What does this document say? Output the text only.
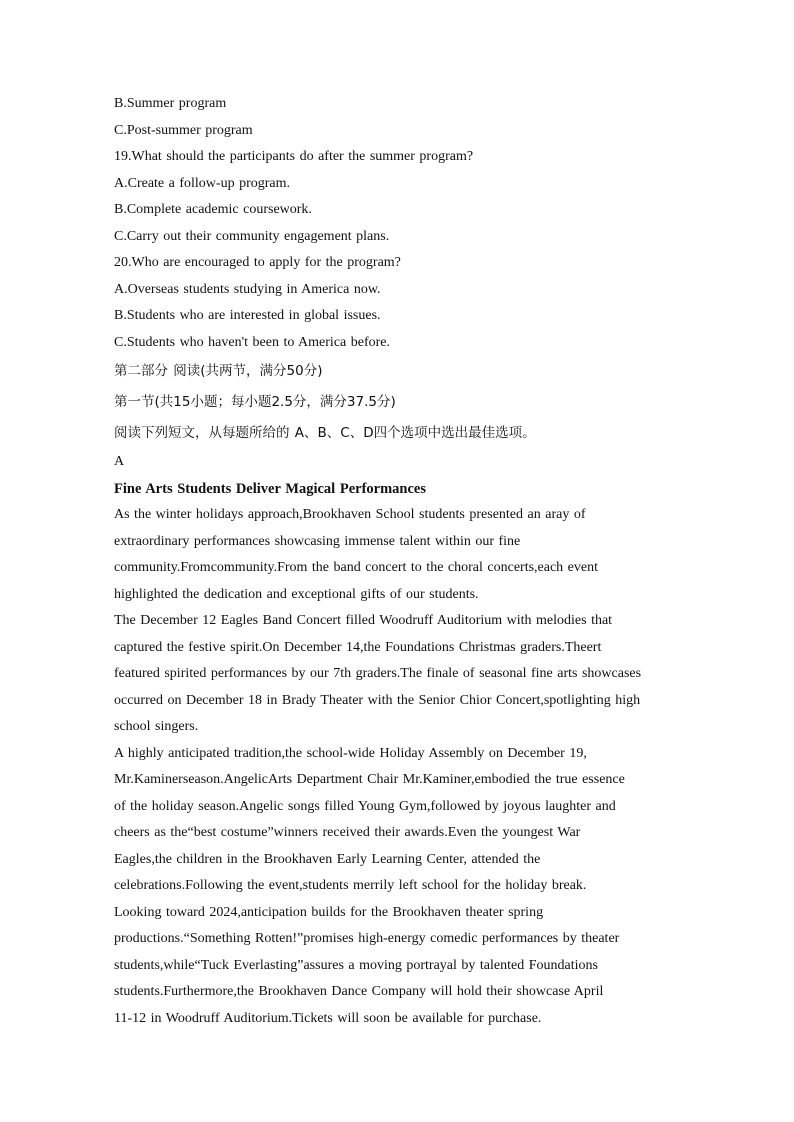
B.Summer program
C.Post-summer program
19.What should the participants do after the summer program?
A.Create a follow-up program.
B.Complete academic coursework.
C.Carry out their community engagement plans.
20.Who are encouraged to apply for the program?
A.Overseas students studying in America now.
B.Students who are interested in global issues.
C.Students who haven't been to America before.
第二部分 阅读(共两节，满分50分)
第一节(共15小题；每小题2.5分，满分37.5分)
阅读下列短文，从每题所给的 A、B、C、D四个选项中选出最佳选项。
A
Fine Arts Students Deliver Magical Performances
As the winter holidays approach,Brookhaven School students presented an aray of
extraordinary performances showcasing immense talent within our fine
community.Fromcommunity.From the band concert to the choral concerts,each event
highlighted the dedication and exceptional gifts of our students.
The December 12 Eagles Band Concert filled Woodruff Auditorium with melodies that
captured the festive spirit.On December 14,the Foundations Christmas graders.Theert
featured spirited performances by our 7th graders.The finale of seasonal fine arts showcases
occurred on December 18 in Brady Theater with the Senior Chior Concert,spotlighting high
school singers.
A highly anticipated tradition,the school-wide Holiday Assembly on December 19,
Mr.Kaminerseason.AngelicArts Department Chair Mr.Kaminer,embodied the true essence
of the holiday season.Angelic songs filled Young Gym,followed by joyous laughter and
cheers as the“best costume”winners received their awards.Even the youngest War
Eagles,the children in the Brookhaven Early Learning Center, attended the
celebrations.Following the event,students merrily left school for the holiday break.
Looking toward 2024,anticipation builds for the Brookhaven theater spring
productions.“Something Rotten!”promises high-energy comedic performances by theater
students,while“Tuck Everlasting”assures a moving portrayal by talented Foundations
students.Furthermore,the Brookhaven Dance Company will hold their showcase April
11-12 in Woodruff Auditorium.Tickets will soon be available for purchase.
